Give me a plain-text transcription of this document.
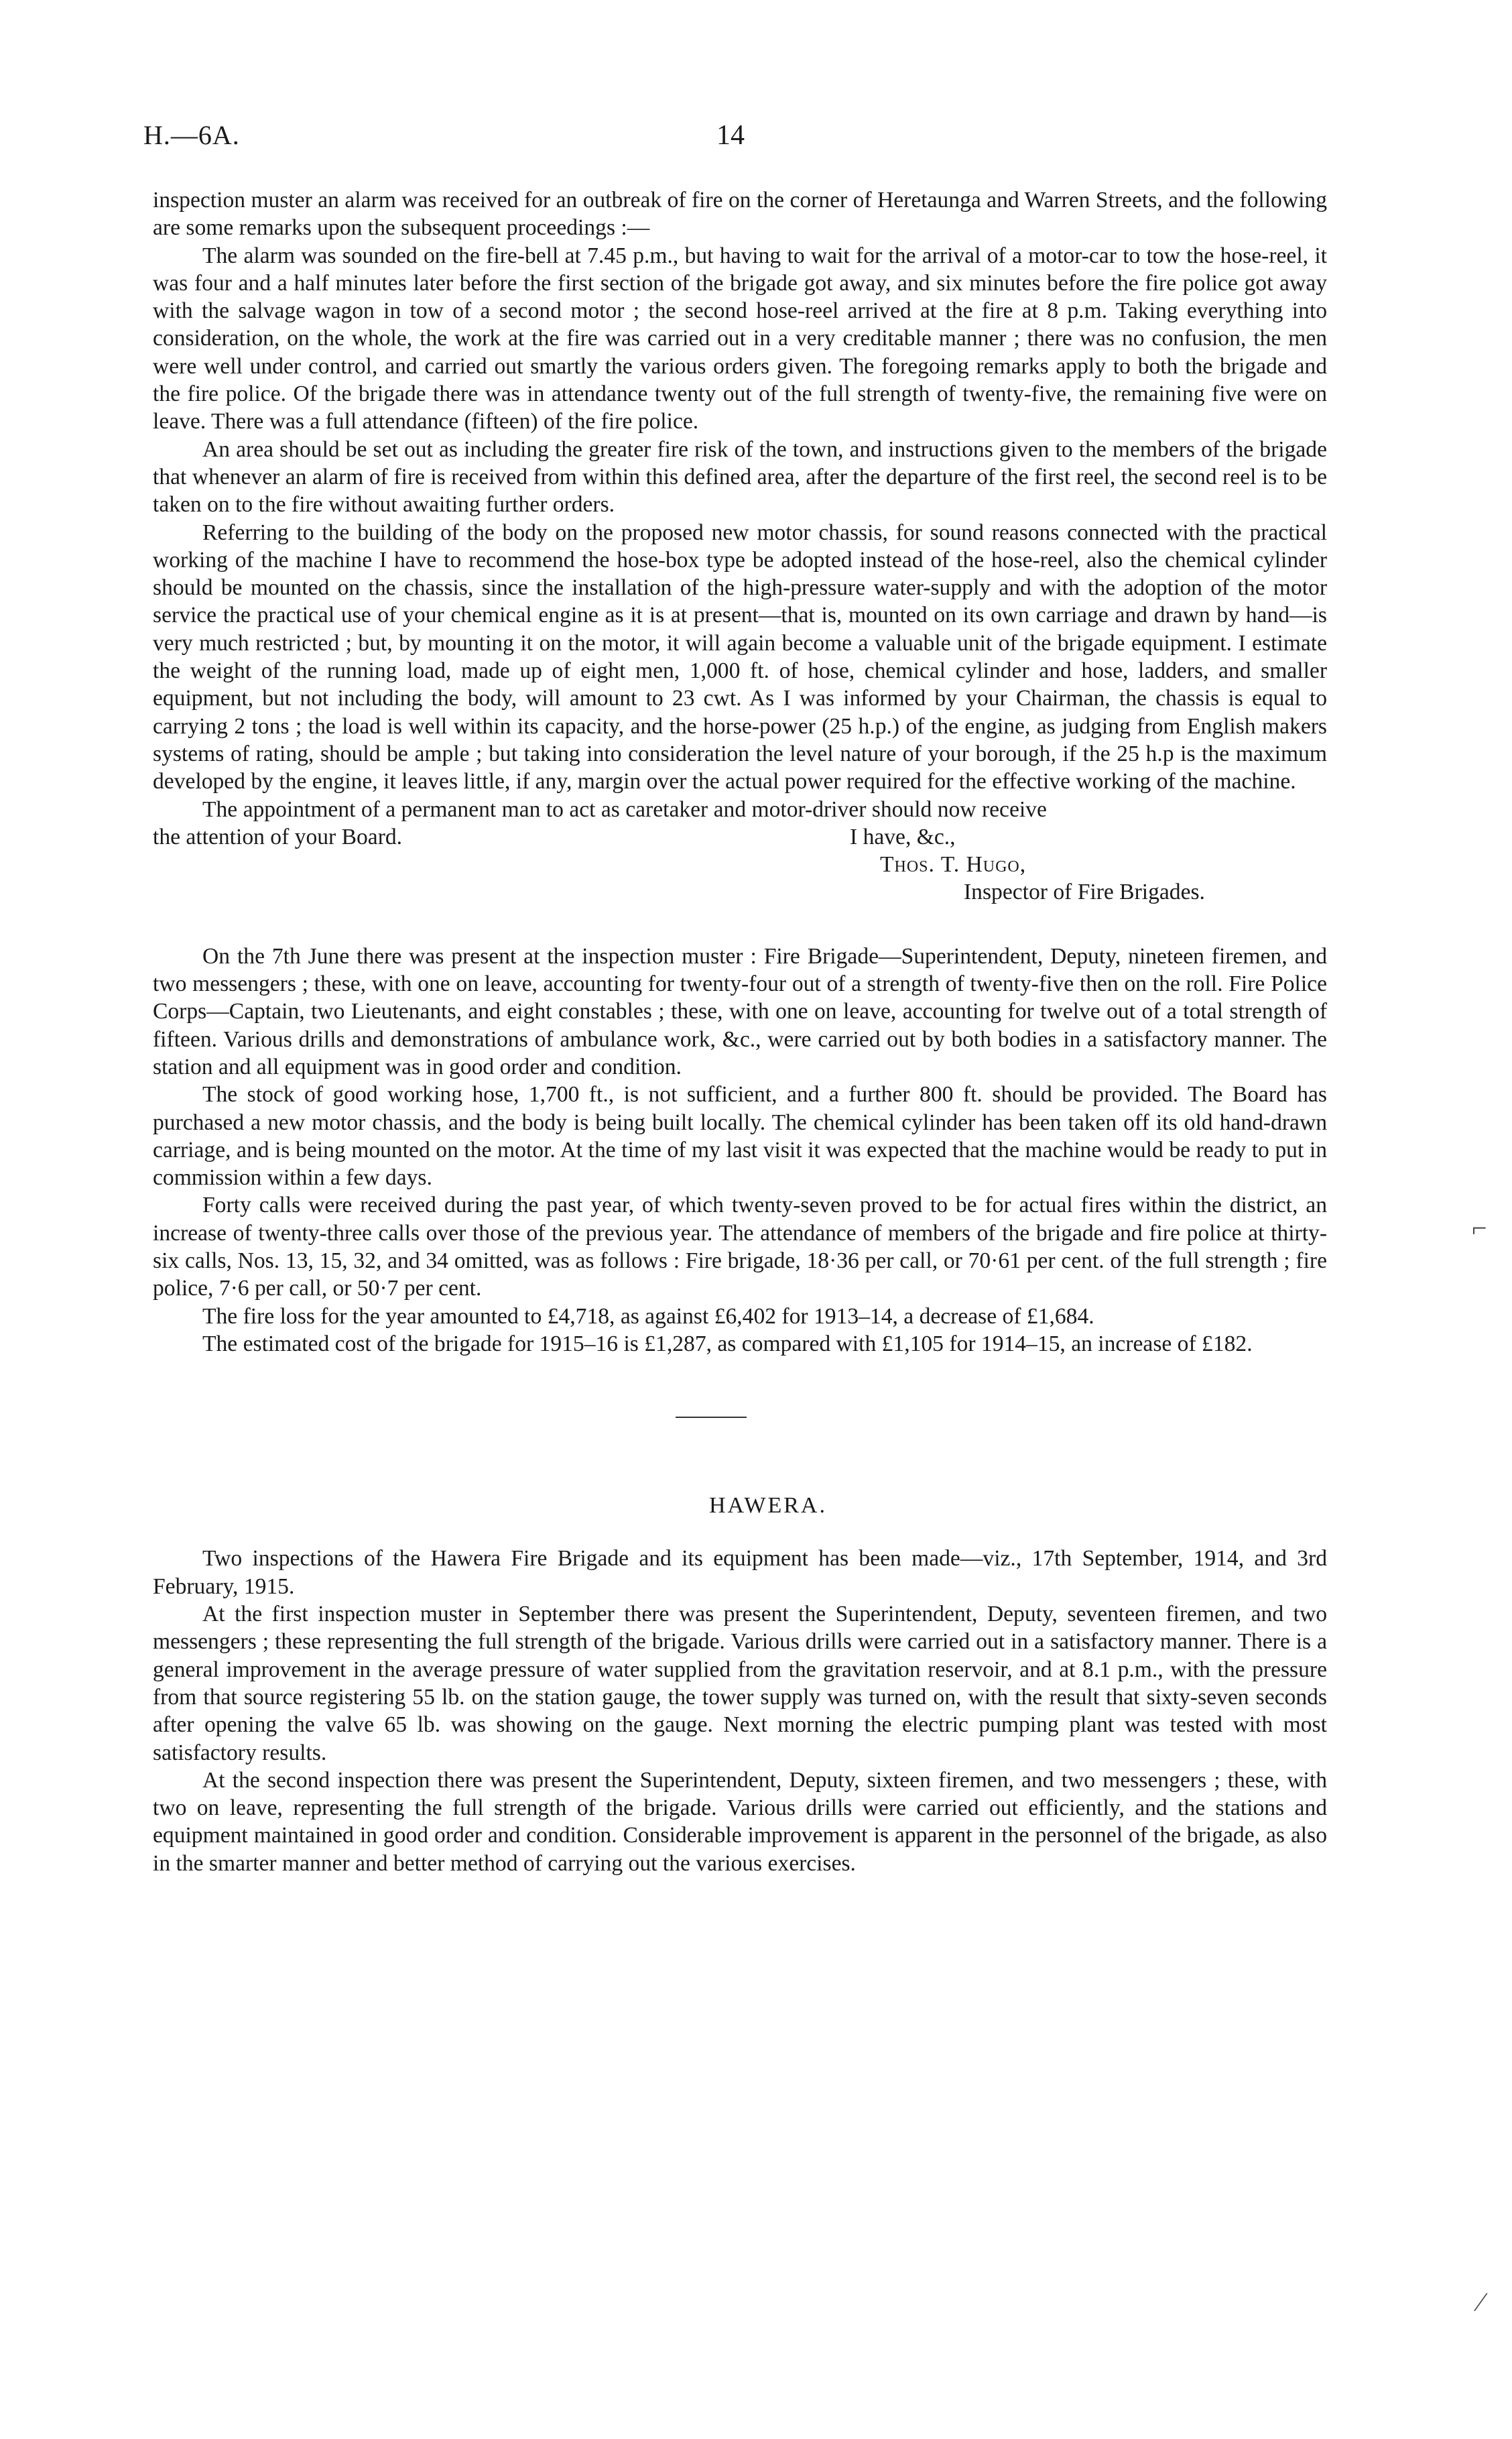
H.—6A.	14

inspection muster an alarm was received for an outbreak of fire on the corner of Heretaunga and Warren Streets, and the following are some remarks upon the subsequent proceedings :—

The alarm was sounded on the fire-bell at 7.45 p.m., but having to wait for the arrival of a motor-car to tow the hose-reel, it was four and a half minutes later before the first section of the brigade got away, and six minutes before the fire police got away with the salvage wagon in tow of a second motor ; the second hose-reel arrived at the fire at 8 p.m. Taking everything into consideration, on the whole, the work at the fire was carried out in a very creditable manner ; there was no confusion, the men were well under control, and carried out smartly the various orders given. The foregoing remarks apply to both the brigade and the fire police. Of the brigade there was in attendance twenty out of the full strength of twenty-five, the remaining five were on leave. There was a full attendance (fifteen) of the fire police.

An area should be set out as including the greater fire risk of the town, and instructions given to the members of the brigade that whenever an alarm of fire is received from within this defined area, after the departure of the first reel, the second reel is to be taken on to the fire without awaiting further orders.

Referring to the building of the body on the proposed new motor chassis, for sound reasons connected with the practical working of the machine I have to recommend the hose-box type be adopted instead of the hose-reel, also the chemical cylinder should be mounted on the chassis, since the installation of the high-pressure water-supply and with the adoption of the motor service the practical use of your chemical engine as it is at present—that is, mounted on its own carriage and drawn by hand—is very much restricted ; but, by mounting it on the motor, it will again become a valuable unit of the brigade equipment. I estimate the weight of the running load, made up of eight men, 1,000 ft. of hose, chemical cylinder and hose, ladders, and smaller equipment, but not including the body, will amount to 23 cwt. As I was informed by your Chairman, the chassis is equal to carrying 2 tons ; the load is well within its capacity, and the horse-power (25 h.p.) of the engine, as judging from English makers systems of rating, should be ample ; but taking into consideration the level nature of your borough, if the 25 h.p is the maximum developed by the engine, it leaves little, if any, margin over the actual power required for the effective working of the machine.

The appointment of a permanent man to act as caretaker and motor-driver should now receive

the attention of your Board.	I have, &c.,
Thos. T. Hugo,
Inspector of Fire Brigades.

On the 7th June there was present at the inspection muster : Fire Brigade—Superintendent, Deputy, nineteen firemen, and two messengers ; these, with one on leave, accounting for twenty-four out of a strength of twenty-five then on the roll. Fire Police Corps—Captain, two Lieutenants, and eight constables ; these, with one on leave, accounting for twelve out of a total strength of fifteen. Various drills and demonstrations of ambulance work, &c., were carried out by both bodies in a satisfactory manner. The station and all equipment was in good order and condition.

The stock of good working hose, 1,700 ft., is not sufficient, and a further 800 ft. should be provided. The Board has purchased a new motor chassis, and the body is being built locally. The chemical cylinder has been taken off its old hand-drawn carriage, and is being mounted on the motor. At the time of my last visit it was expected that the machine would be ready to put in commission within a few days.

Forty calls were received during the past year, of which twenty-seven proved to be for actual fires within the district, an increase of twenty-three calls over those of the previous year. The attendance of members of the brigade and fire police at thirty-six calls, Nos. 13, 15, 32, and 34 omitted, was as follows : Fire brigade, 18·36 per call, or 70·61 per cent. of the full strength ; fire police, 7·6 per call, or 50·7 per cent.

The fire loss for the year amounted to £4,718, as against £6,402 for 1913–14, a decrease of £1,684.

The estimated cost of the brigade for 1915–16 is £1,287, as compared with £1,105 for 1914–15, an increase of £182.

HAWERA.

Two inspections of the Hawera Fire Brigade and its equipment has been made—viz., 17th September, 1914, and 3rd February, 1915.

At the first inspection muster in September there was present the Superintendent, Deputy, seventeen firemen, and two messengers ; these representing the full strength of the brigade. Various drills were carried out in a satisfactory manner. There is a general improvement in the average pressure of water supplied from the gravitation reservoir, and at 8.1 p.m., with the pressure from that source registering 55 lb. on the station gauge, the tower supply was turned on, with the result that sixty-seven seconds after opening the valve 65 lb. was showing on the gauge. Next morning the electric pumping plant was tested with most satisfactory results.

At the second inspection there was present the Superintendent, Deputy, sixteen firemen, and two messengers ; these, with two on leave, representing the full strength of the brigade. Various drills were carried out efficiently, and the stations and equipment maintained in good order and condition. Considerable improvement is apparent in the personnel of the brigade, as also in the smarter manner and better method of carrying out the various exercises.

⌐
⁄
